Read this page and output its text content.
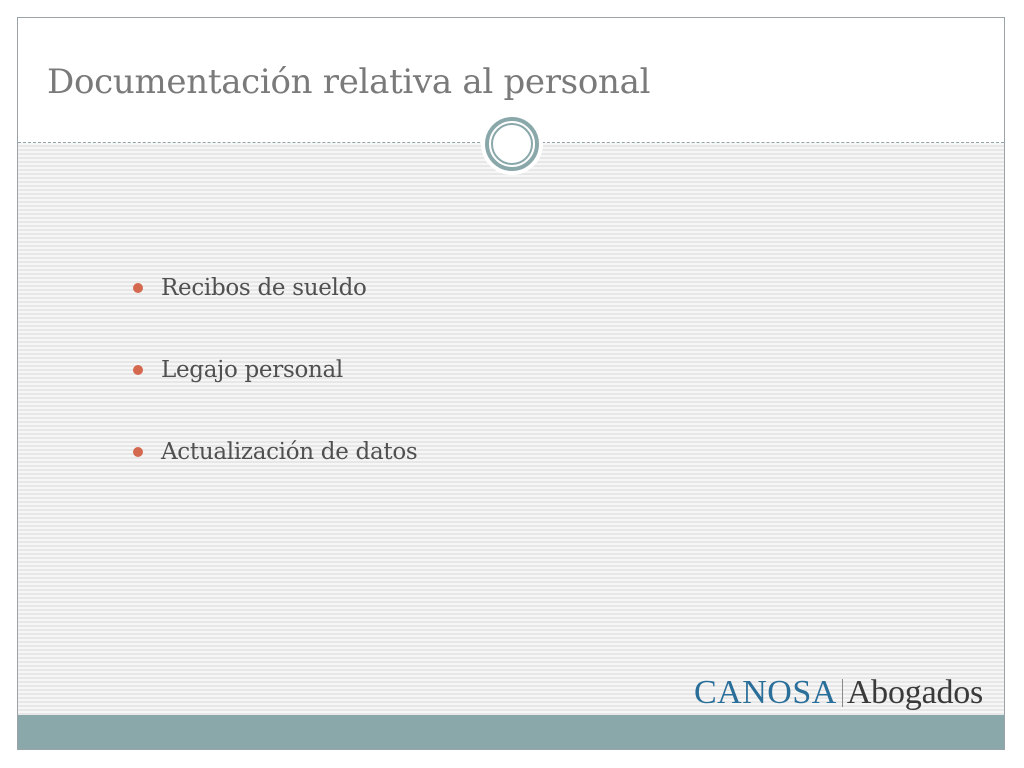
Documentación relativa al personal
Recibos de sueldo
Legajo personal
Actualización de datos
CANOSA Abogados
